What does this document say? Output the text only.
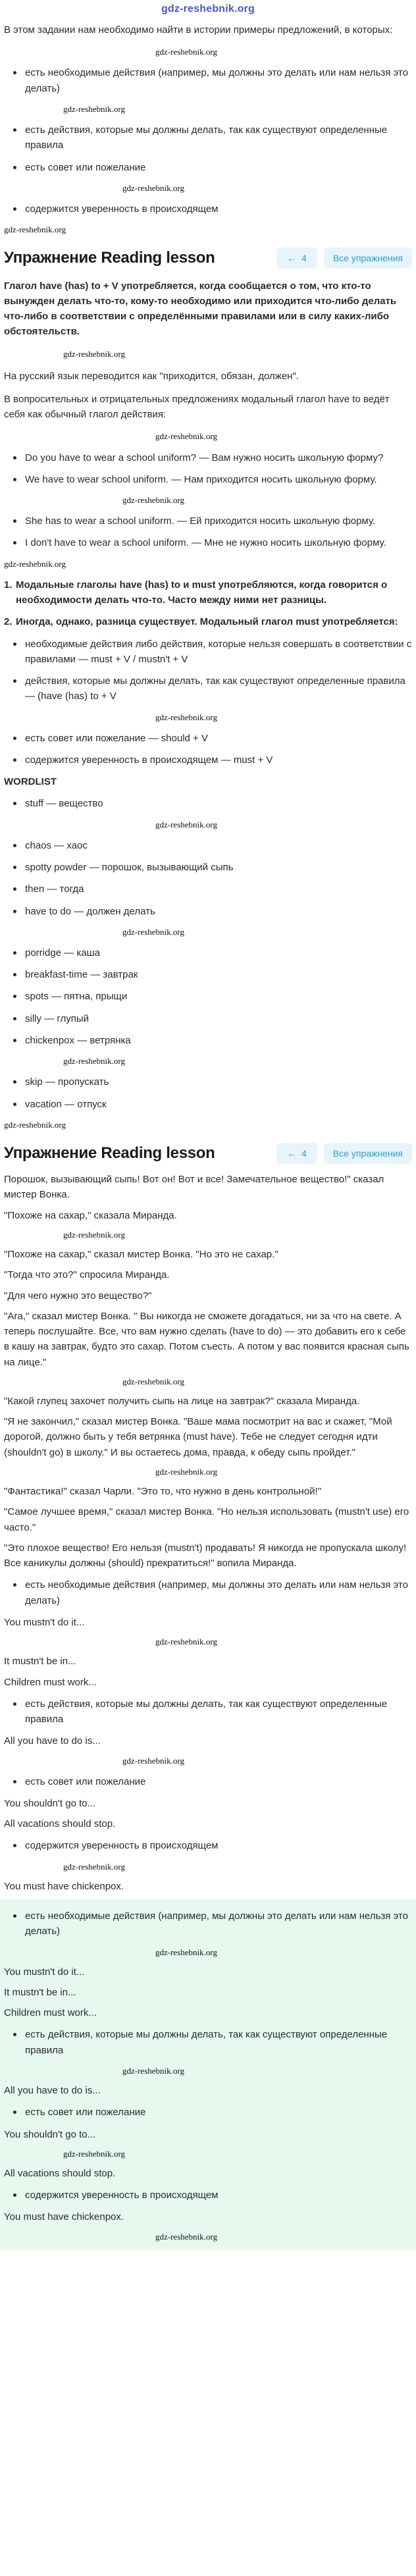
gdz-reshebnik.org

В этом задании нам необходимо найти в истории примеры предложений, в которых:

gdz-reshebnik.org
есть необходимые действия (например, мы должны это делать или нам нельзя это делать)
gdz-reshebnik.org
есть действия, которые мы должны делать, так как существуют определенные правила
есть совет или пожелание
gdz-reshebnik.org
содержится уверенность в происходящем
gdz-reshebnik.org
Упражнение Reading lesson	← 4	Все упражнения

Глагол have (has) to + V употребляется, когда сообщается о том, что кто-то вынужден делать что-то, кому-то необходимо или приходится что-либо делать что-либо в соответствии с определёнными правилами или в силу каких-либо обстоятельств.

gdz-reshebnik.org

На русский язык переводится как "приходится, обязан, должен".

В вопросительных и отрицательных предложениях модальный глагол have to ведёт себя как обычный глагол действия:

gdz-reshebnik.org
Do you have to wear a school uniform? — Вам нужно носить школьную форму?
We have to wear school uniform. — Нам приходится носить школьную форму.
gdz-reshebnik.org
She has to wear a school uniform. — Ей приходится носить школьную форму.
I don't have to wear a school uniform. — Мне не нужно носить школьную форму.
gdz-reshebnik.org
1. Модальные глаголы have (has) to и must употребляются, когда говорится о необходимости делать что-то. Часто между ними нет разницы.
2. Иногда, однако, разница существует. Модальный глагол must употребляется:
необходимые действия либо действия, которые нельзя совершать в соответствии с правилами — must + V / mustn't + V
действия, которые мы должны делать, так как существуют определенные правила — (have (has) to + V
gdz-reshebnik.org
есть совет или пожелание — should + V
содержится уверенность в происходящем — must + V
WORDLIST
stuff — вещество
gdz-reshebnik.org
chaos — хаос
spotty powder — порошок, вызывающий сыпь
then — тогда
have to do — должен делать
gdz-reshebnik.org
porridge — каша
breakfast-time — завтрак
spots — пятна, прыщи
silly — глупый
chickenpox — ветрянка
gdz-reshebnik.org
skip — пропускать
vacation — отпуск
gdz-reshebnik.org
Упражнение Reading lesson	← 4	Все упражнения

Порошок, вызывающий сыпь! Вот он! Вот и все! Замечательное вещество!" сказал мистер Вонка.

"Похоже на сахар," сказала Миранда.

gdz-reshebnik.org

"Похоже на сахар," сказал мистер Вонка. "Но это не сахар."

"Тогда что это?" спросила Миранда.

"Для чего нужно это вещество?"

"Ага," сказал мистер Вонка. " Вы никогда не сможете догадаться, ни за что на свете. А теперь послушайте. Все, что вам нужно сделать (have to do) — это добавить его к себе в кашу на завтрак, будто это сахар. Потом съесть. А потом у вас появится красная сыпь на лице."

gdz-reshebnik.org

"Какой глупец захочет получить сыпь на лице на завтрак?" сказала Миранда.

"Я не закончил," сказал мистер Вонка. "Ваше мама посмотрит на вас и скажет, "Мой дорогой, должно быть у тебя ветрянка (must have). Тебе не следует сегодня идти (shouldn't go) в школу." И вы остаетесь дома, правда, к обеду сыпь пройдет."

gdz-reshebnik.org

"Фантастика!" сказал Чарли. "Это то, что нужно в день контрольной!"

"Самое лучшее время," сказал мистер Вонка. "Но нельзя использовать (mustn't use) его часто."

"Это плохое вещество! Его нельзя (mustn't) продавать! Я никогда не пропускала школу! Все каникулы должны (should) прекратиться!" вопила Миранда.

есть необходимые действия (например, мы должны это делать или нам нельзя это делать)

You mustn't do it...

gdz-reshebnik.org

It mustn't be in...

Children must work...

есть действия, которые мы должны делать, так как существуют определенные правила

All you have to do is...

gdz-reshebnik.org
есть совет или пожелание

You shouldn't go to...

All vacations should stop.

содержится уверенность в происходящем
gdz-reshebnik.org

You must have chickenpox.

есть необходимые действия (например, мы должны это делать или нам нельзя это делать)
gdz-reshebnik.org

You mustn't do it...

It mustn't be in...

Children must work...

есть действия, которые мы должны делать, так как существуют определенные правила
gdz-reshebnik.org

All you have to do is...

есть совет или пожелание

You shouldn't go to...

gdz-reshebnik.org

All vacations should stop.

содержится уверенность в происходящем

You must have chickenpox.

gdz-reshebnik.org
